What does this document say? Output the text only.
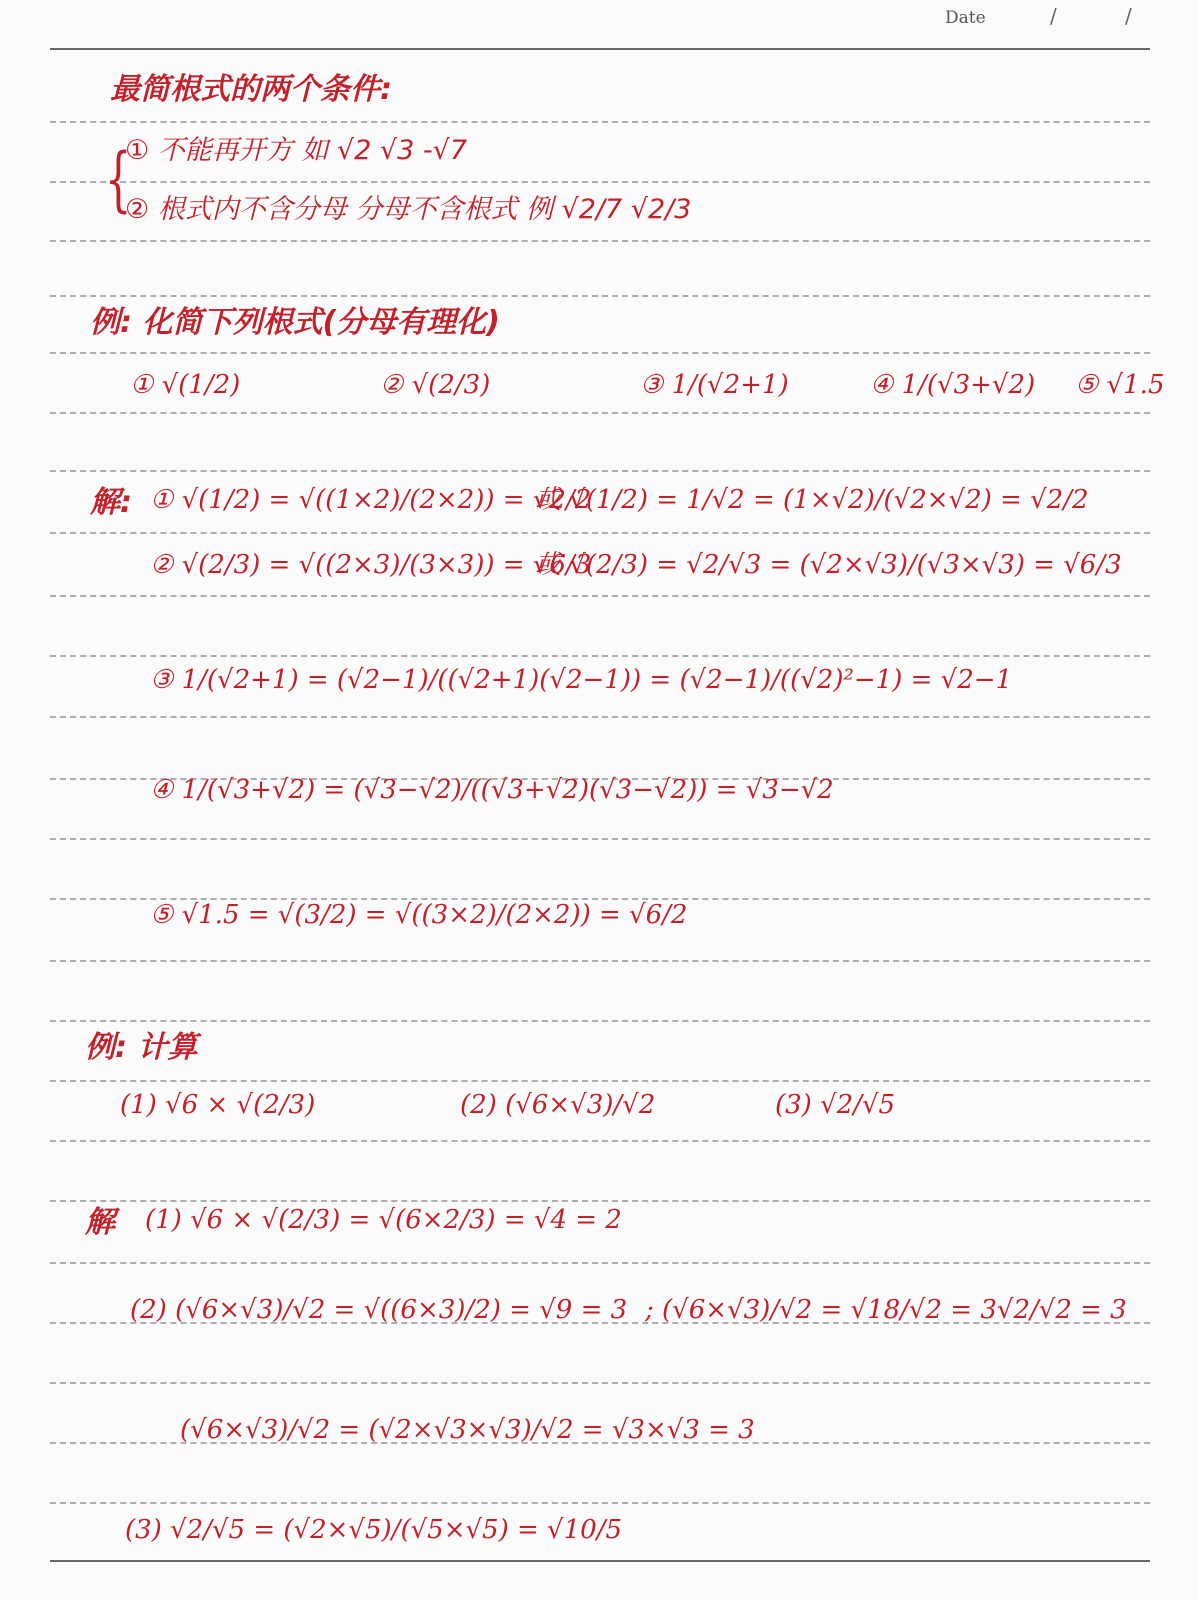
Date	/	/
最简根式的两个条件:
{
① 不能再开方 如 √2 √3 -√7
② 根式内不含分母 分母不含根式 例 √2/7 √2/3
例: 化简下列根式(分母有理化)
① √(1/2)	② √(2/3)	③ 1/(√2+1)	④ 1/(√3+√2) ⑤ √1.5
解: ① √(1/2) = √((1×2)/(2×2)) = √2/2
或 √(1/2) = 1/√2 = (1×√2)/(√2×√2) = √2/2
② √(2/3) = √((2×3)/(3×3)) = √6/3
或 √(2/3) = √2/√3 = (√2×√3)/(√3×√3) = √6/3
③ 1/(√2+1) = (√2−1)/((√2+1)(√2−1)) = (√2−1)/((√2)²−1) = √2−1
④ 1/(√3+√2) = (√3−√2)/((√3+√2)(√3−√2)) = √3−√2
⑤ √1.5 = √(3/2) = √((3×2)/(2×2)) = √6/2
例: 计算
(1) √6 × √(2/3)	(2) (√6×√3)/√2	(3) √2/√5
解 (1) √6 × √(2/3) = √(6×2/3) = √4 = 2
(2) (√6×√3)/√2 = √((6×3)/2) = √9 = 3 ; (√6×√3)/√2 = √18/√2 = 3√2/√2 = 3
(√6×√3)/√2 = (√2×√3×√3)/√2 = √3×√3 = 3
(3) √2/√5 = (√2×√5)/(√5×√5) = √10/5
